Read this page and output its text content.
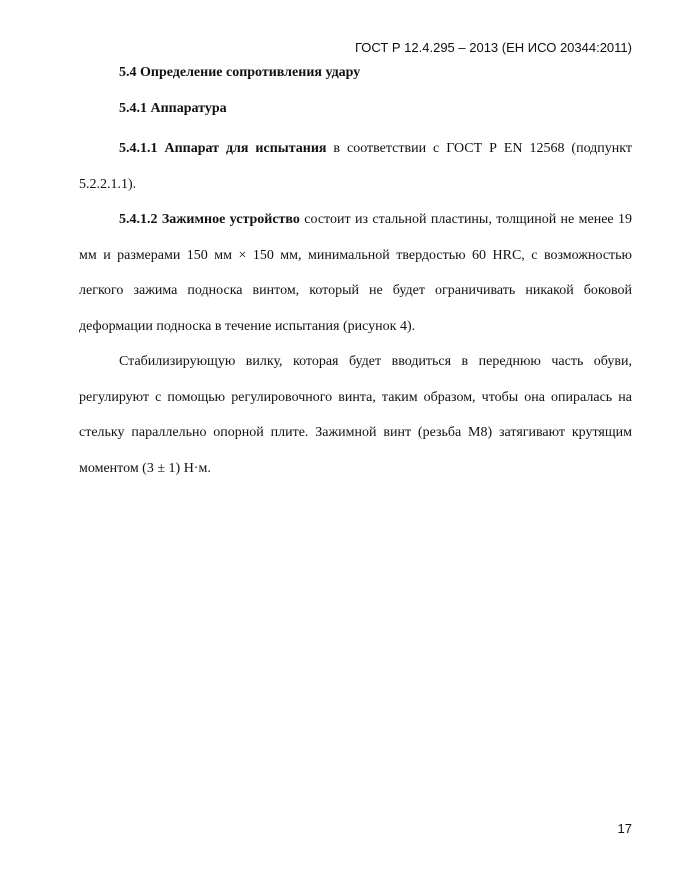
ГОСТ Р 12.4.295 – 2013 (ЕН ИСО 20344:2011)
5.4 Определение сопротивления удару
5.4.1 Аппаратура

5.4.1.1 Аппарат для испытания в соответствии с ГОСТ Р EN 12568 (подпункт 5.2.2.1.1).

5.4.1.2 Зажимное устройство состоит из стальной пластины, толщиной не менее 19 мм и размерами 150 мм × 150 мм, минимальной твердостью 60 HRC, с возможностью легкого зажима подноска винтом, который не будет ограничивать никакой боковой деформации подноска в течение испытания (рисунок 4).

Стабилизирующую вилку, которая будет вводиться в переднюю часть обуви, регулируют с помощью регулировочного винта, таким образом, чтобы она опиралась на стельку параллельно опорной плите. Зажимной винт (резьба М8) затягивают крутящим моментом (3 ± 1) Н·м.

17
